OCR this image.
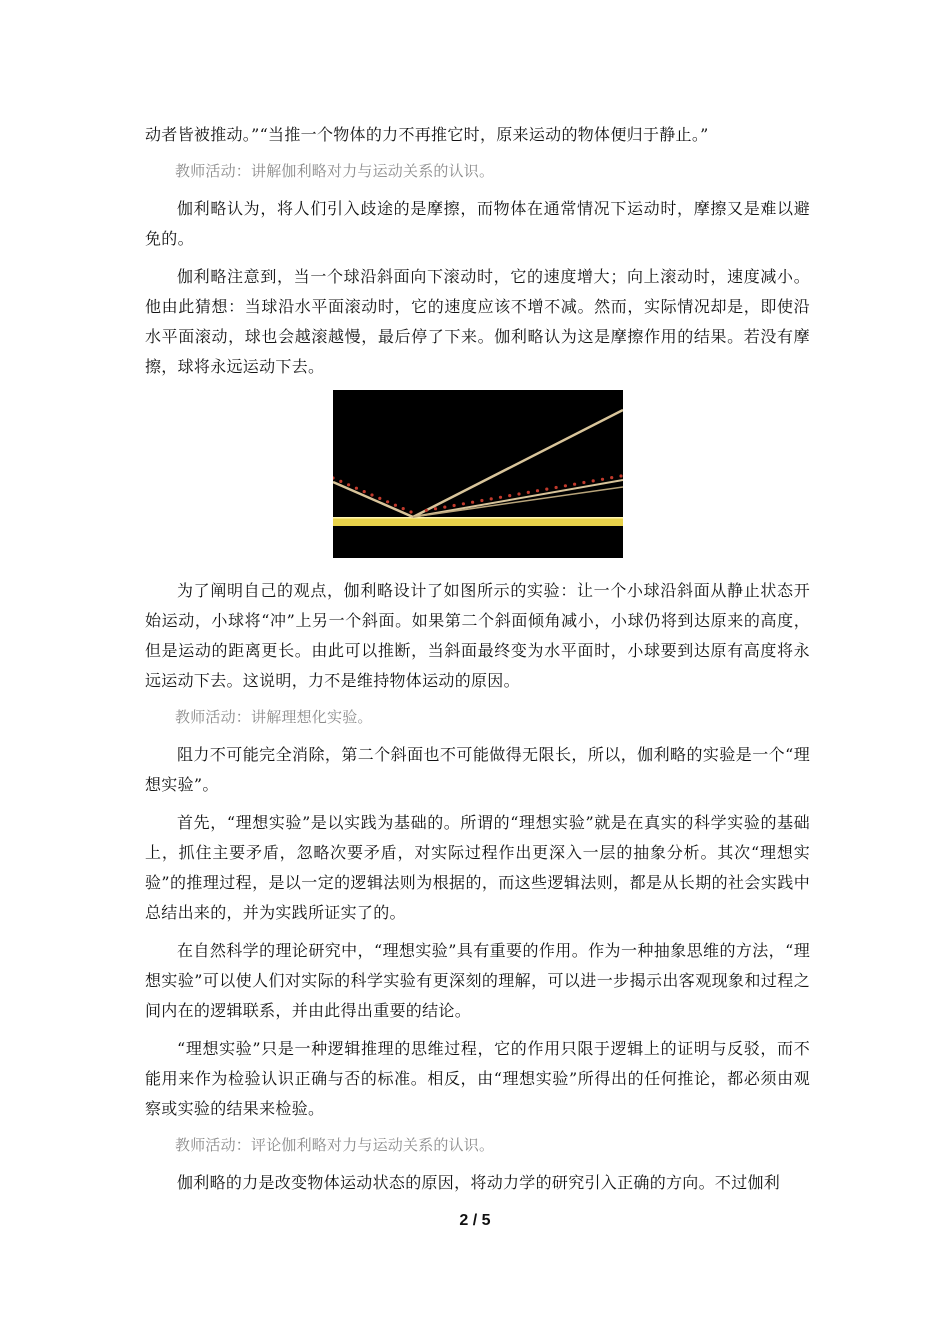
动者皆被推动。”“当推一个物体的力不再推它时，原来运动的物体便归于静止。”

教师活动：讲解伽利略对力与运动关系的认识。

伽利略认为，将人们引入歧途的是摩擦，而物体在通常情况下运动时，摩擦又是难以避免的。

伽利略注意到，当一个球沿斜面向下滚动时，它的速度增大；向上滚动时，速度减小。他由此猜想：当球沿水平面滚动时，它的速度应该不增不减。然而，实际情况却是，即使沿水平面滚动，球也会越滚越慢，最后停了下来。伽利略认为这是摩擦作用的结果。若没有摩擦，球将永远运动下去。

为了阐明自己的观点，伽利略设计了如图所示的实验：让一个小球沿斜面从静止状态开始运动，小球将“冲”上另一个斜面。如果第二个斜面倾角减小，小球仍将到达原来的高度，但是运动的距离更长。由此可以推断，当斜面最终变为水平面时，小球要到达原有高度将永远运动下去。这说明，力不是维持物体运动的原因。

教师活动：讲解理想化实验。

阻力不可能完全消除，第二个斜面也不可能做得无限长，所以，伽利略的实验是一个“理想实验”。

首先，“理想实验”是以实践为基础的。所谓的“理想实验”就是在真实的科学实验的基础上，抓住主要矛盾，忽略次要矛盾，对实际过程作出更深入一层的抽象分析。其次“理想实验”的推理过程，是以一定的逻辑法则为根据的，而这些逻辑法则，都是从长期的社会实践中总结出来的，并为实践所证实了的。

在自然科学的理论研究中，“理想实验”具有重要的作用。作为一种抽象思维的方法，“理想实验”可以使人们对实际的科学实验有更深刻的理解，可以进一步揭示出客观现象和过程之间内在的逻辑联系，并由此得出重要的结论。

“理想实验”只是一种逻辑推理的思维过程，它的作用只限于逻辑上的证明与反驳，而不能用来作为检验认识正确与否的标准。相反，由“理想实验”所得出的任何推论，都必须由观察或实验的结果来检验。

教师活动：评论伽利略对力与运动关系的认识。

伽利略的力是改变物体运动状态的原因，将动力学的研究引入正确的方向。不过伽利

2 / 5
